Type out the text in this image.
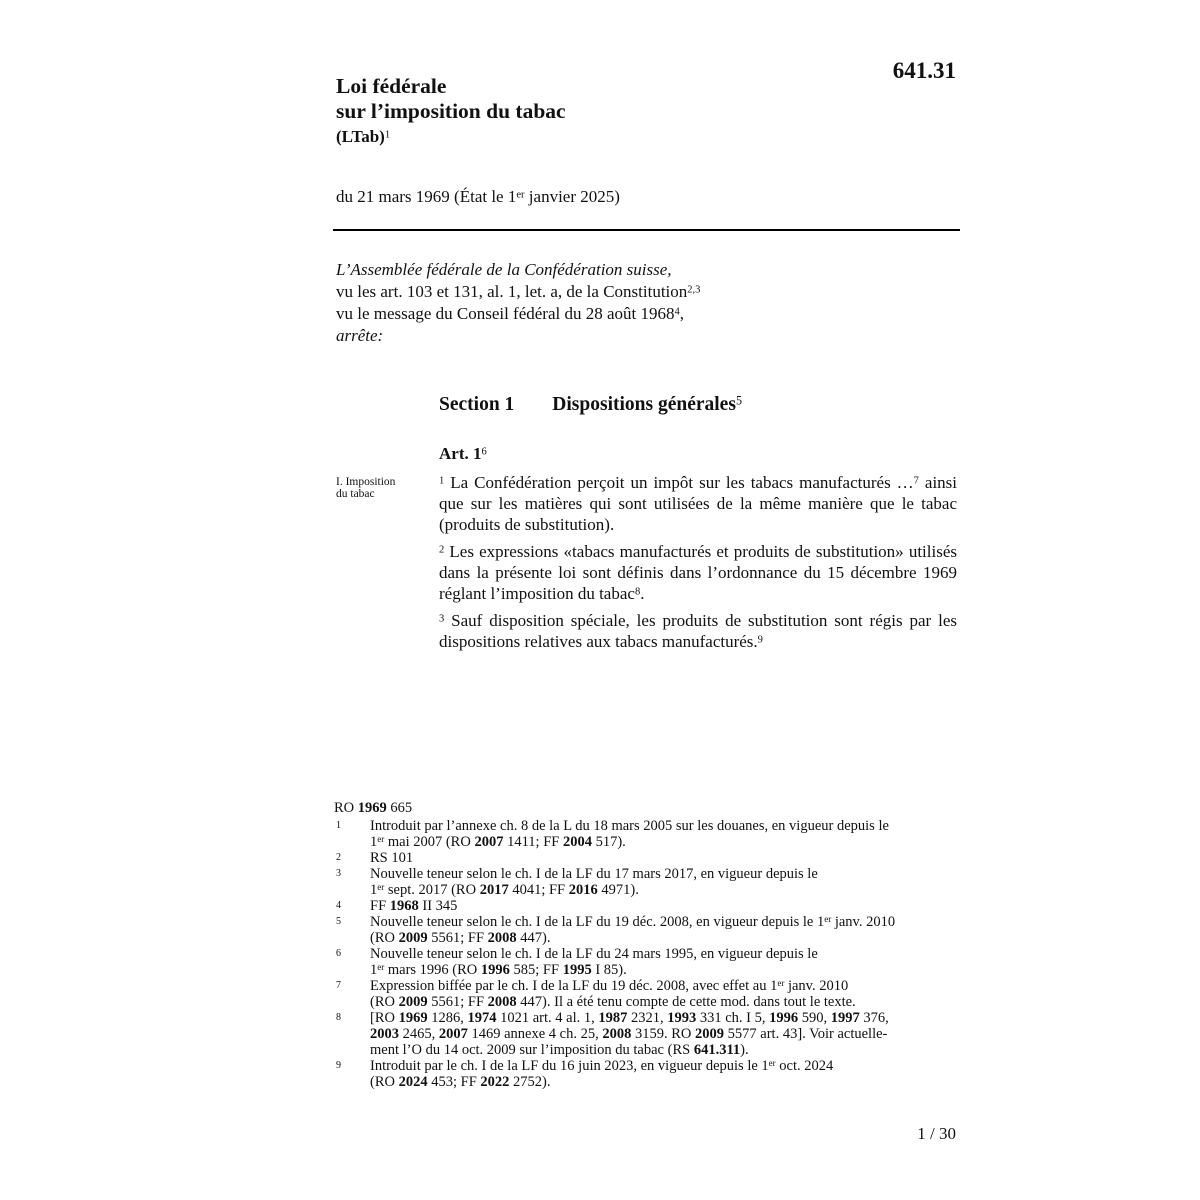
641.31
Loi fédérale
sur l’imposition du tabac
(LTab)$^1$
du 21 mars 1969 (État le 1er janvier 2025)
L’Assemblée fédérale de la Confédération suisse,
vu les art. 103 et 131, al. 1, let. a, de la Constitution$^{2,3}$
vu le message du Conseil fédéral du 28 août 1968$^4$,
arrête:
Section 1 Dispositions générales$^5$
Art. $1^6$
I. Imposition
du tabac

$^1$ La Confédération perçoit un impôt sur les tabacs manufacturés …$^7$ ainsi que sur les matières qui sont utilisées de la même manière que le tabac (produits de substitution).

$^2$ Les expressions «tabacs manufacturés et produits de substitution» utilisés dans la présente loi sont définis dans l’ordonnance du 15 décembre 1969 réglant l’imposition du tabac$^8$.

$^3$ Sauf disposition spéciale, les produits de substitution sont régis par les dispositions relatives aux tabacs manufacturés.$^9$

RO 1969 665
1	Introduit par l’annexe ch. 8 de la L du 18 mars 2005 sur les douanes, en vigueur depuis le
1er mai 2007 (RO 2007 1411; FF 2004 517).
2	RS 101
3	Nouvelle teneur selon le ch. I de la LF du 17 mars 2017, en vigueur depuis le
1er sept. 2017 (RO 2017 4041; FF 2016 4971).
4	FF 1968 II 345
5	Nouvelle teneur selon le ch. I de la LF du 19 déc. 2008, en vigueur depuis le 1er janv. 2010
(RO 2009 5561; FF 2008 447).
6	Nouvelle teneur selon le ch. I de la LF du 24 mars 1995, en vigueur depuis le
1er mars 1996 (RO 1996 585; FF 1995 I 85).
7	Expression biffée par le ch. I de la LF du 19 déc. 2008, avec effet au 1er janv. 2010
(RO 2009 5561; FF 2008 447). Il a été tenu compte de cette mod. dans tout le texte.
8	[RO 1969 1286, 1974 1021 art. 4 al. 1, 1987 2321, 1993 331 ch. I 5, 1996 590, 1997 376,
2003 2465, 2007 1469 annexe 4 ch. 25, 2008 3159. RO 2009 5577 art. 43]. Voir actuelle-
ment l’O du 14 oct. 2009 sur l’imposition du tabac (RS 641.311).
9	Introduit par le ch. I de la LF du 16 juin 2023, en vigueur depuis le 1er oct. 2024
(RO 2024 453; FF 2022 2752).
1 / 30
